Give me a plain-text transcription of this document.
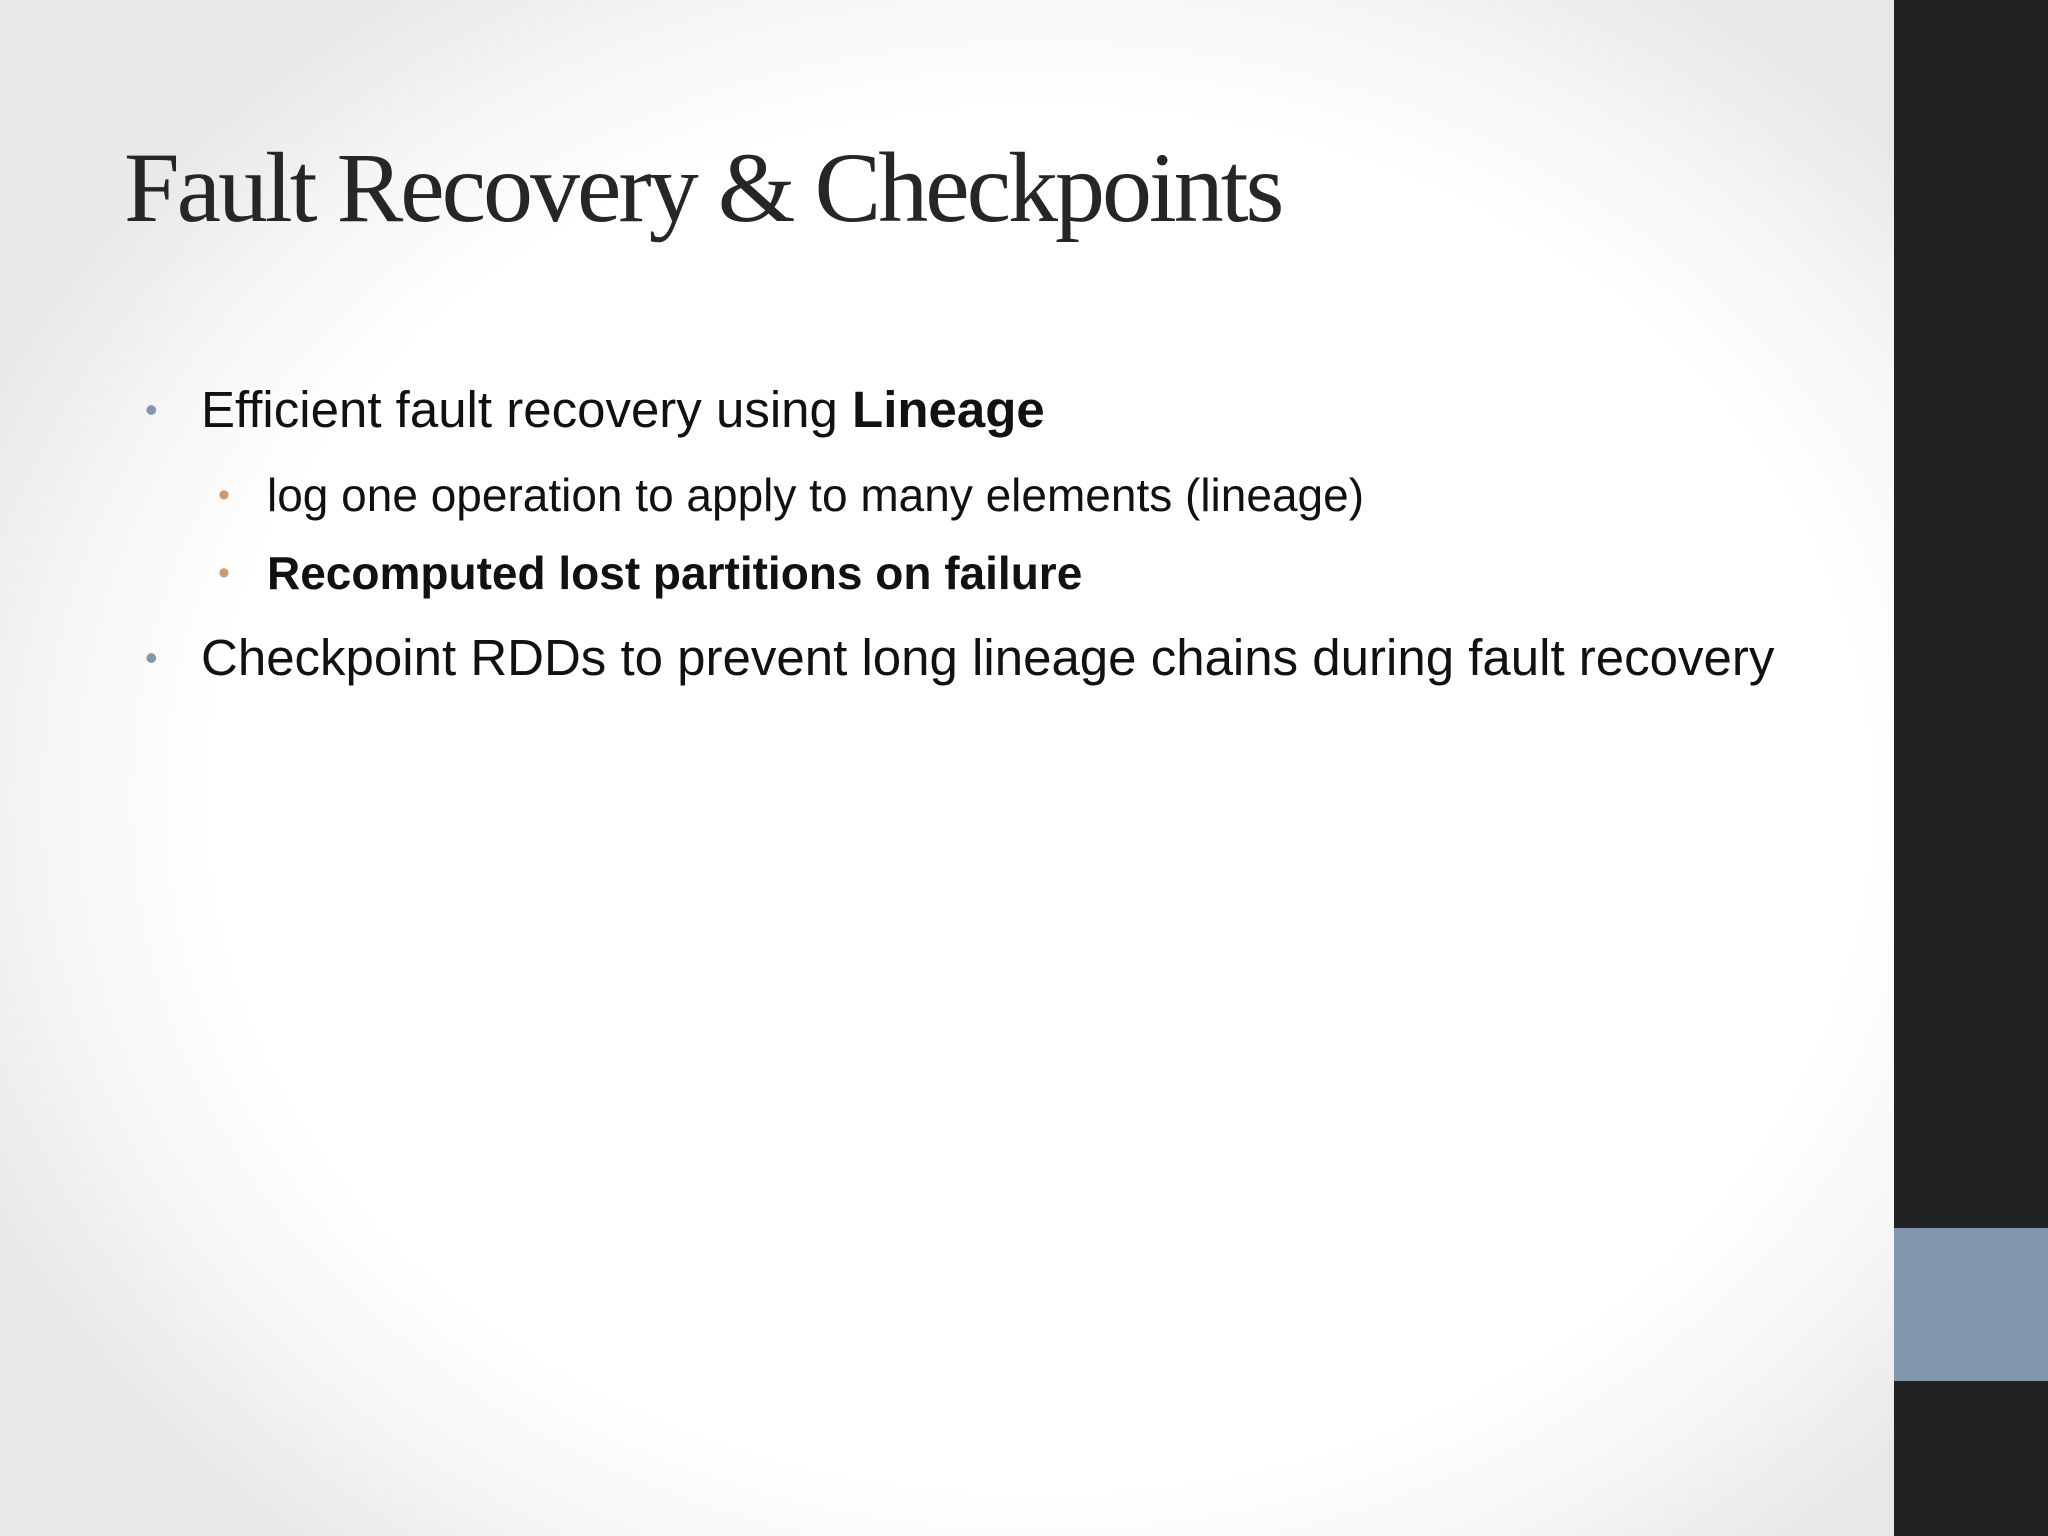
Fault Recovery & Checkpoints
• Efficient fault recovery using Lineage
• log one operation to apply to many elements (lineage)
• Recomputed lost partitions on failure
• Checkpoint RDDs to prevent long lineage chains during fault recovery
